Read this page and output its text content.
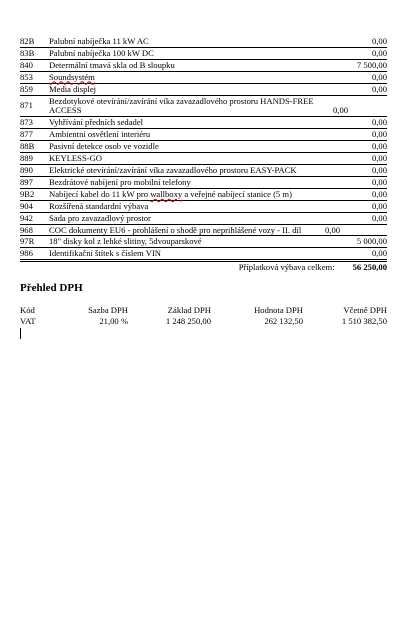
82B	Palubní nabíječka 11 kW AC	0,00
83B	Palubní nabíječka 100 kW DC	0,00
840	Determální tmavá skla od B sloupku	7 500,00
853	Soundsystém	0,00
859	Media displej	0,00
871	Bezdotykové otevírání/zavírání víka zavazadlového prostoru HANDS-FREE ACCESS	0,00
873	Vyhřívání předních sedadel	0,00
877	Ambientní osvětlení interiéru	0,00
88B	Pasivní detekce osob ve vozidle	0,00
889	KEYLESS-GO	0,00
890	Elektrické otevírání/zavírání víka zavazadlového prostoru EASY-PACK	0,00
897	Bezdrátové nabíjení pro mobilní telefony	0,00
9B2	Nabíjecí kabel do 11 kW pro wallboxy a veřejné nabíjecí stanice (5 m)	0,00
904	Rozšířená standardní výbava	0,00
942	Sada pro zavazadlový prostor	0,00
968	COC dokumenty EU6 - prohlášení o shodě pro neprihlášené vozy - II. díl	0,00
97R	18" disky kol z lehké slitiny, 5dvouparskové	5 000,00
986	Identifikační štítek s číslem VIN	0,00
Příplatková výbava celkem: 56 250,00
Přehled DPH
Kód	Sazba DPH	Základ DPH	Hodnota DPH	Včetně DPH
VAT	21,00 %	1 248 250,00	262 132,50	1 510 382,50
